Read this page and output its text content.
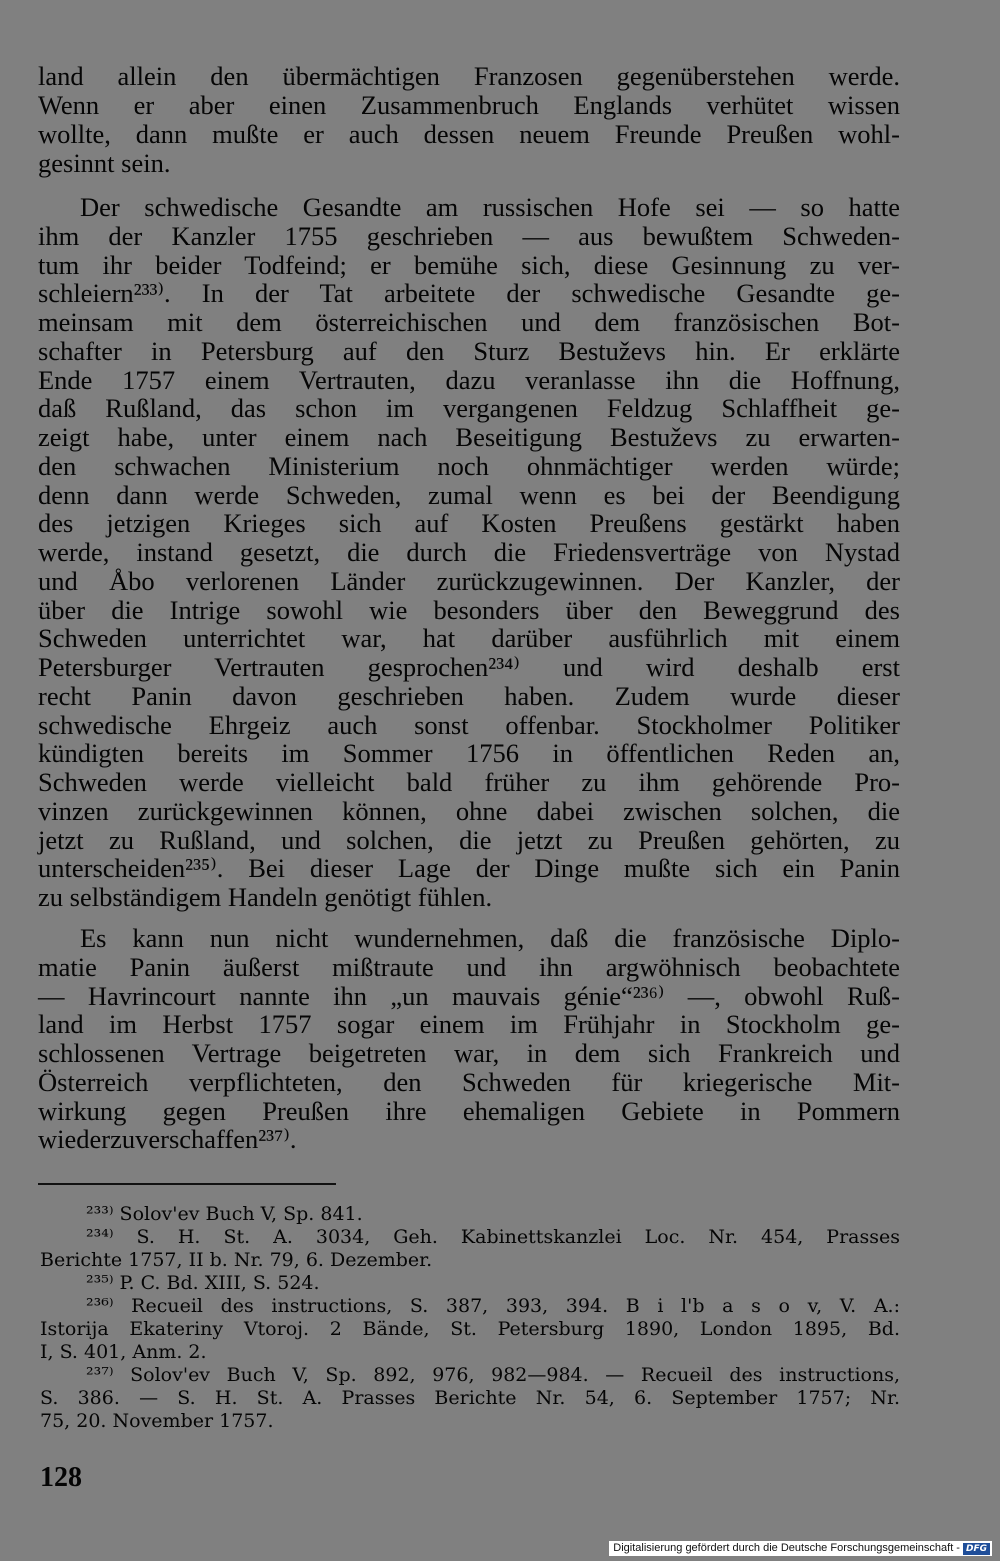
land allein den übermächtigen Franzosen gegenüberstehen werde.
Wenn er aber einen Zusammenbruch Englands verhütet wissen
wollte, dann mußte er auch dessen neuem Freunde Preußen wohl-
gesinnt sein.
Der schwedische Gesandte am russischen Hofe sei — so hatte
ihm der Kanzler 1755 geschrieben — aus bewußtem Schweden-
tum ihr beider Todfeind; er bemühe sich, diese Gesinnung zu ver-
schleiern²³³⁾. In der Tat arbeitete der schwedische Gesandte ge-
meinsam mit dem österreichischen und dem französischen Bot-
schafter in Petersburg auf den Sturz Bestuževs hin. Er erklärte
Ende 1757 einem Vertrauten, dazu veranlasse ihn die Hoffnung,
daß Rußland, das schon im vergangenen Feldzug Schlaffheit ge-
zeigt habe, unter einem nach Beseitigung Bestuževs zu erwarten-
den schwachen Ministerium noch ohnmächtiger werden würde;
denn dann werde Schweden, zumal wenn es bei der Beendigung
des jetzigen Krieges sich auf Kosten Preußens gestärkt haben
werde, instand gesetzt, die durch die Friedensverträge von Nystad
und Åbo verlorenen Länder zurückzugewinnen. Der Kanzler, der
über die Intrige sowohl wie besonders über den Beweggrund des
Schweden unterrichtet war, hat darüber ausführlich mit einem
Petersburger Vertrauten gesprochen²³⁴⁾ und wird deshalb erst
recht Panin davon geschrieben haben. Zudem wurde dieser
schwedische Ehrgeiz auch sonst offenbar. Stockholmer Politiker
kündigten bereits im Sommer 1756 in öffentlichen Reden an,
Schweden werde vielleicht bald früher zu ihm gehörende Pro-
vinzen zurückgewinnen können, ohne dabei zwischen solchen, die
jetzt zu Rußland, und solchen, die jetzt zu Preußen gehörten, zu
unterscheiden²³⁵⁾. Bei dieser Lage der Dinge mußte sich ein Panin
zu selbständigem Handeln genötigt fühlen.
Es kann nun nicht wundernehmen, daß die französische Diplo-
matie Panin äußerst mißtraute und ihn argwöhnisch beobachtete
— Havrincourt nannte ihn „un mauvais génie“²³⁶⁾ —, obwohl Ruß-
land im Herbst 1757 sogar einem im Frühjahr in Stockholm ge-
schlossenen Vertrage beigetreten war, in dem sich Frankreich und
Österreich verpflichteten, den Schweden für kriegerische Mit-
wirkung gegen Preußen ihre ehemaligen Gebiete in Pommern
wiederzuverschaffen²³⁷⁾.
²³³⁾ Solov'ev Buch V, Sp. 841.
²³⁴⁾ S. H. St. A. 3034, Geh. Kabinettskanzlei Loc. Nr. 454, Prasses
Berichte 1757, II b. Nr. 79, 6. Dezember.
²³⁵⁾ P. C. Bd. XIII, S. 524.
²³⁶⁾ Recueil des instructions, S. 387, 393, 394. B i l'b a s o v, V. A.:
Istorija Ekateriny Vtoroj. 2 Bände, St. Petersburg 1890, London 1895, Bd.
I, S. 401, Anm. 2.
²³⁷⁾ Solov'ev Buch V, Sp. 892, 976, 982—984. — Recueil des instructions,
S. 386. — S. H. St. A. Prasses Berichte Nr. 54, 6. September 1757; Nr.
75, 20. November 1757.
128
Digitalisierung gefördert durch die Deutsche Forschungsgemeinschaft - DFG
